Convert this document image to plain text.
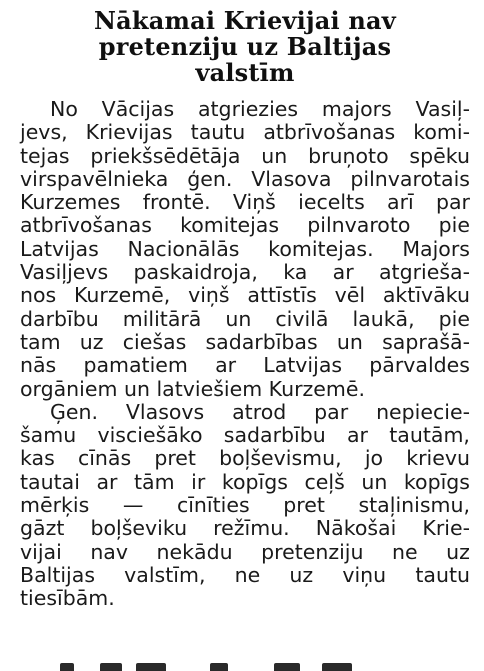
Nākamai Krievijai nav
pretenziju uz Baltijas
valstīm
No Vācijas atgriezies majors Vasiļ-
jevs, Krievijas tautu atbrīvošanas komi-
tejas priekšsēdētāja un bruņoto spēku
virspavēlnieka ģen. Vlasova pilnvarotais
Kurzemes frontē. Viņš iecelts arī par
atbrīvošanas komitejas pilnvaroto pie
Latvijas Nacionālās komitejas. Majors
Vasiļjevs paskaidroja, ka ar atgrieša-
nos Kurzemē, viņš attīstīs vēl aktīvāku
darbību militārā un civilā laukā, pie
tam uz ciešas sadarbības un saprašā-
nās pamatiem ar Latvijas pārvaldes
orgāniem un latviešiem Kurzemē.
Ģen. Vlasovs atrod par nepiecie-
šamu visciešāko sadarbību ar tautām,
kas cīnās pret boļševismu, jo krievu
tautai ar tām ir kopīgs ceļš un kopīgs
mērķis — cīnīties pret staļinismu,
gāzt boļševiku režīmu. Nākošai Krie-
vijai nav nekādu pretenziju ne uz
Baltijas valstīm, ne uz viņu tautu
tiesībām.
